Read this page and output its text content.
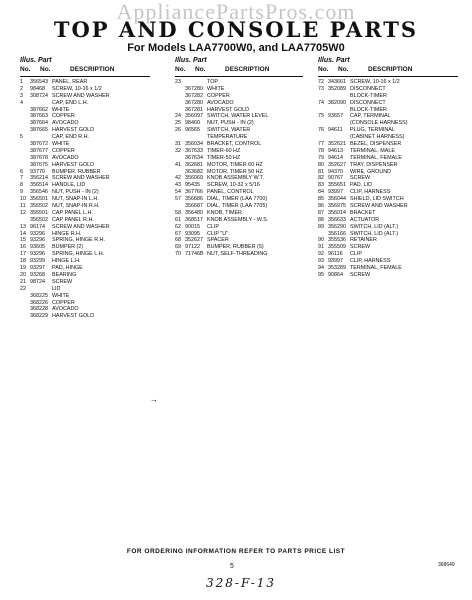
AppliancePartsPros.com
TOP AND CONSOLE PARTS
For Models LAA7700W0, and LAA7705W0
Illus. Part
No. No.	DESCRIPTION
1 356543 PANEL, REAR
2 98468 SCREW, 10-16 x 1/2
3 308724 SCREW AND WASHER
4	CAP, END L.H.
387662 WHITE
387663 COPPER
387664 AVOCADO
387665 HARVEST GOLD
5	CAP, END R.H.
387672 WHITE
387677 COPPER
387678 AVOCADO
387675 HARVEST GOLD
6 93770 BUMPER, RUBBER
7 356214 SCREW AND WASHER
8 356514 HANDLE, LID
9 356546 NUT, PUSH - IN (2)
10 356501 NUT, SNAP-IN L.H.
11 356502 NUT, SNAP-IN R.H.
12 356501 CAP PANEL L.H.
356502 CAP PANEL R.H.
13 96174 SCREW AND WASHER
14 93296 HINGE R.H.
15 93296 SPRING, HINGE R.H.
16 93605 BUMPER (2)
17 93296 SPRING, HINGE L.H.
18 93299 HINGE L.H.
19 93297 PAD, HINGE
20 93268 BEARING
21 98724 SCREW
22	LID
368225 WHITE
368226 COPPER
368228 AVOCADO
368229 HARVEST GOLD
Illus. Part
No. No.	DESCRIPTION
23	TOP
367280 WHITE
367282 COPPER
367280 AVOCADO
367281 HARVEST GOLD
24 356097 SWITCH, WATER LEVEL
25 98460 NUT, PUSH - IN (2)
26 96565 SWITCH, WATER
TEMPERATURE
31 356034 BRACKET, CONTROL
32 367633 TIMER-60 HZ
367634 TIMER-50 HZ
41 362681 MOTOR, TIMER 60 HZ
363682 MOTOR, TIMER 50 HZ
42 356069 KNOB ASSEMBLY W.T.
43 95435 SCREW, 10-32 x 5/16
54 367766 PANEL, CONTROL
57 356686 DIAL, TIMER (LAA 7700)
356687 DIAL, TIMER (LAA 7705)
58 356480 KNOB, TIMER
61 368517 KNOB ASSEMBLY - W.S.
62 90015 CLIP
67 93095 CLIP "U"
68 352627 SPACER
69 97122 BUMPER, RUBBER (5)
70 71746B NUT, SELF-THREADING
Illus. Part
No. No.	DESCRIPTION
72 343661 SCREW, 10-16 x 1/2
73 352089 DISCONNECT
BLOCK-TIMER
74 382090 DISCONNECT
BLOCK-TIMER
75 93657 CAP, TERMINAL
(CONSOLE HARNESS)
76 94611 PLUG, TERMINAL
(CABINET HARNESS)
77 352621 BEZEL, DISPENSER
78 94613 TERMINAL, MALE
79 94614 TERMINAL, FEMALE
80 352627 TRAY, DISPENSER
81 94370 WIRE, GROUND
82 90767 SCREW
83 355651 PAD, LID
84 93997 CLIP, HARNESS
85 356044 SHIELD, LID SWITCH
86 356975 SCREW AND WASHER
87 356014 BRACKET
88 356633 ACTUATOR
89 356290 SWITCH, LID (ALT.)
356166 SWITCH, LID (ALT.)
90 355536 RETAINER
91 355509 SCREW
92 96116 CLIP
93 93997 CLIP, HARNESS
94 353289 TERMINAL, FEMALE
95 90864 SCREW
→
FOR ORDERING INFORMATION REFER TO PARTS PRICE LIST
5	368649
328-F-13
